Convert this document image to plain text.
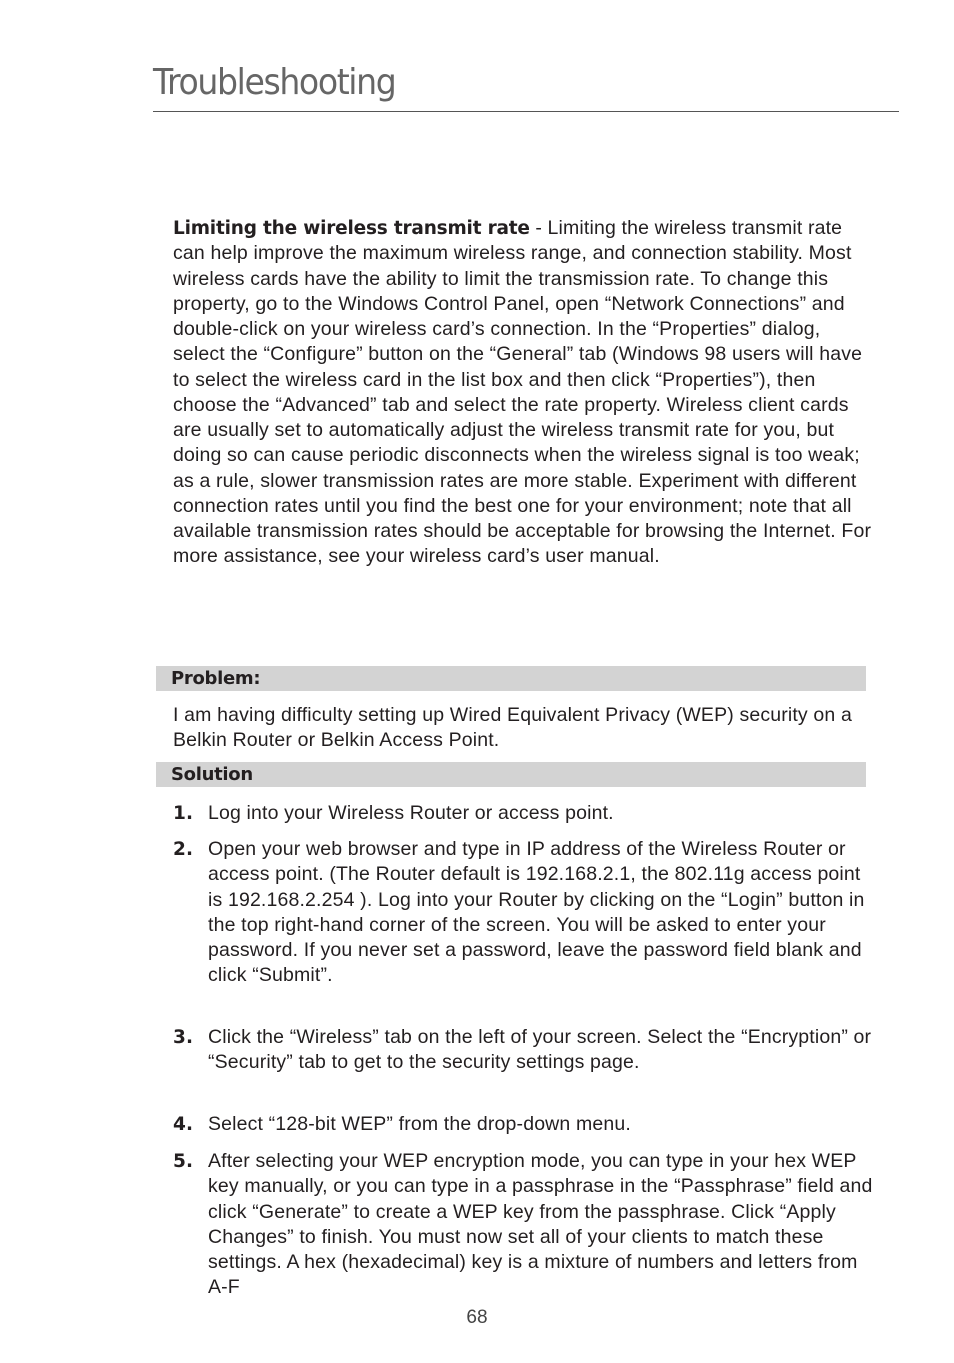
Troubleshooting
Limiting the wireless transmit rate - Limiting the wireless transmit rate can help improve the maximum wireless range, and connection stability. Most wireless cards have the ability to limit the transmission rate. To change this property, go to the Windows Control Panel, open “Network Connections” and double-click on your wireless card’s connection. In the “Properties” dialog, select the “Configure” button on the “General” tab (Windows 98 users will have to select the wireless card in the list box and then click “Properties”), then choose the “Advanced” tab and select the rate property. Wireless client cards are usually set to automatically adjust the wireless transmit rate for you, but doing so can cause periodic disconnects when the wireless signal is too weak; as a rule, slower transmission rates are more stable. Experiment with different connection rates until you find the best one for your environment; note that all available transmission rates should be acceptable for browsing the Internet. For more assistance, see your wireless card’s user manual.
Problem:
I am having difficulty setting up Wired Equivalent Privacy (WEP) security on a Belkin Router or Belkin Access Point.
Solution
1. Log into your Wireless Router or access point.
2. Open your web browser and type in IP address of the Wireless Router or access point. (The Router default is 192.168.2.1, the 802.11g access point is 192.168.2.254 ). Log into your Router by clicking on the “Login” button in the top right-hand corner of the screen. You will be asked to enter your password. If you never set a password, leave the password field blank and click “Submit”.
3. Click the “Wireless” tab on the left of your screen. Select the “Encryption” or “Security” tab to get to the security settings page.
4. Select “128-bit WEP” from the drop-down menu.
5. After selecting your WEP encryption mode, you can type in your hex WEP key manually, or you can type in a passphrase in the “Passphrase” field and click “Generate” to create a WEP key from the passphrase. Click “Apply Changes” to finish. You must now set all of your clients to match these settings. A hex (hexadecimal) key is a mixture of numbers and letters from A-F
68
